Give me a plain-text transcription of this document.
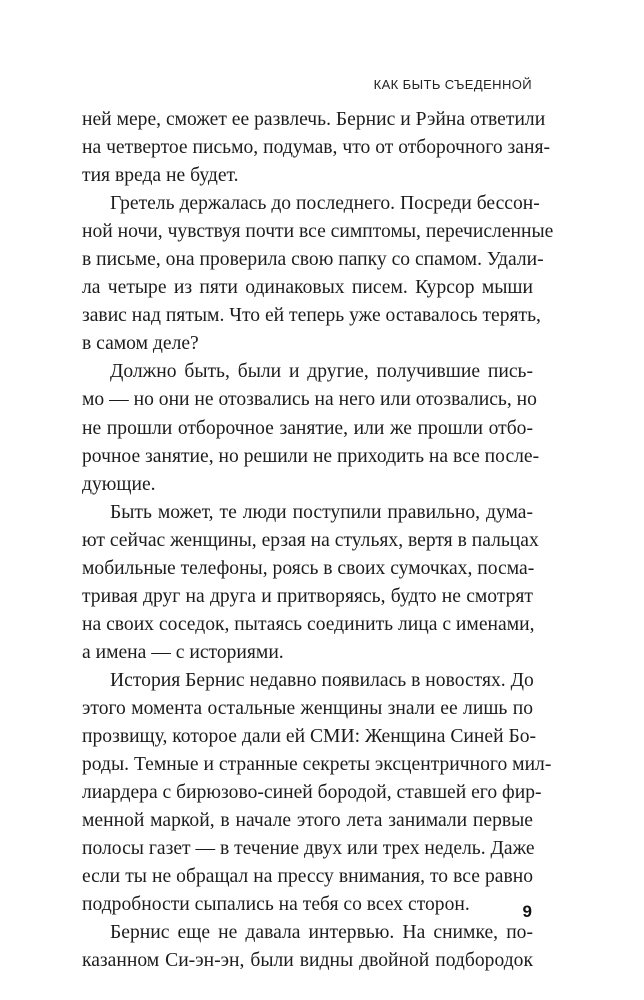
КАК БЫТЬ СЪЕДЕННОЙ
ней мере, сможет ее развлечь. Бернис и Рэйна ответили
на четвертое письмо, подумав, что от отборочного заня-
тия вреда не будет.
Гретель держалась до последнего. Посреди бессон-
ной ночи, чувствуя почти все симптомы, перечисленные
в письме, она проверила свою папку со спамом. Удали-
ла четыре из пяти одинаковых писем. Курсор мыши
завис над пятым. Что ей теперь уже оставалось терять,
в самом деле?
Должно быть, были и другие, получившие пись-
мо — но они не отозвались на него или отозвались, но
не прошли отборочное занятие, или же прошли отбо-
рочное занятие, но решили не приходить на все после-
дующие.
Быть может, те люди поступили правильно, дума-
ют сейчас женщины, ерзая на стульях, вертя в пальцах
мобильные телефоны, роясь в своих сумочках, посма-
тривая друг на друга и притворяясь, будто не смотрят
на своих соседок, пытаясь соединить лица с именами,
а имена — с историями.
История Бернис недавно появилась в новостях. До
этого момента остальные женщины знали ее лишь по
прозвищу, которое дали ей СМИ: Женщина Синей Бо-
роды. Темные и странные секреты эксцентричного мил-
лиардера с бирюзово-синей бородой, ставшей его фир-
менной маркой, в начале этого лета занимали первые
полосы газет — в течение двух или трех недель. Даже
если ты не обращал на прессу внимания, то все равно
подробности сыпались на тебя со всех сторон.
Бернис еще не давала интервью. На снимке, по-
казанном Си-эн-эн, были видны двойной подбородок
9
